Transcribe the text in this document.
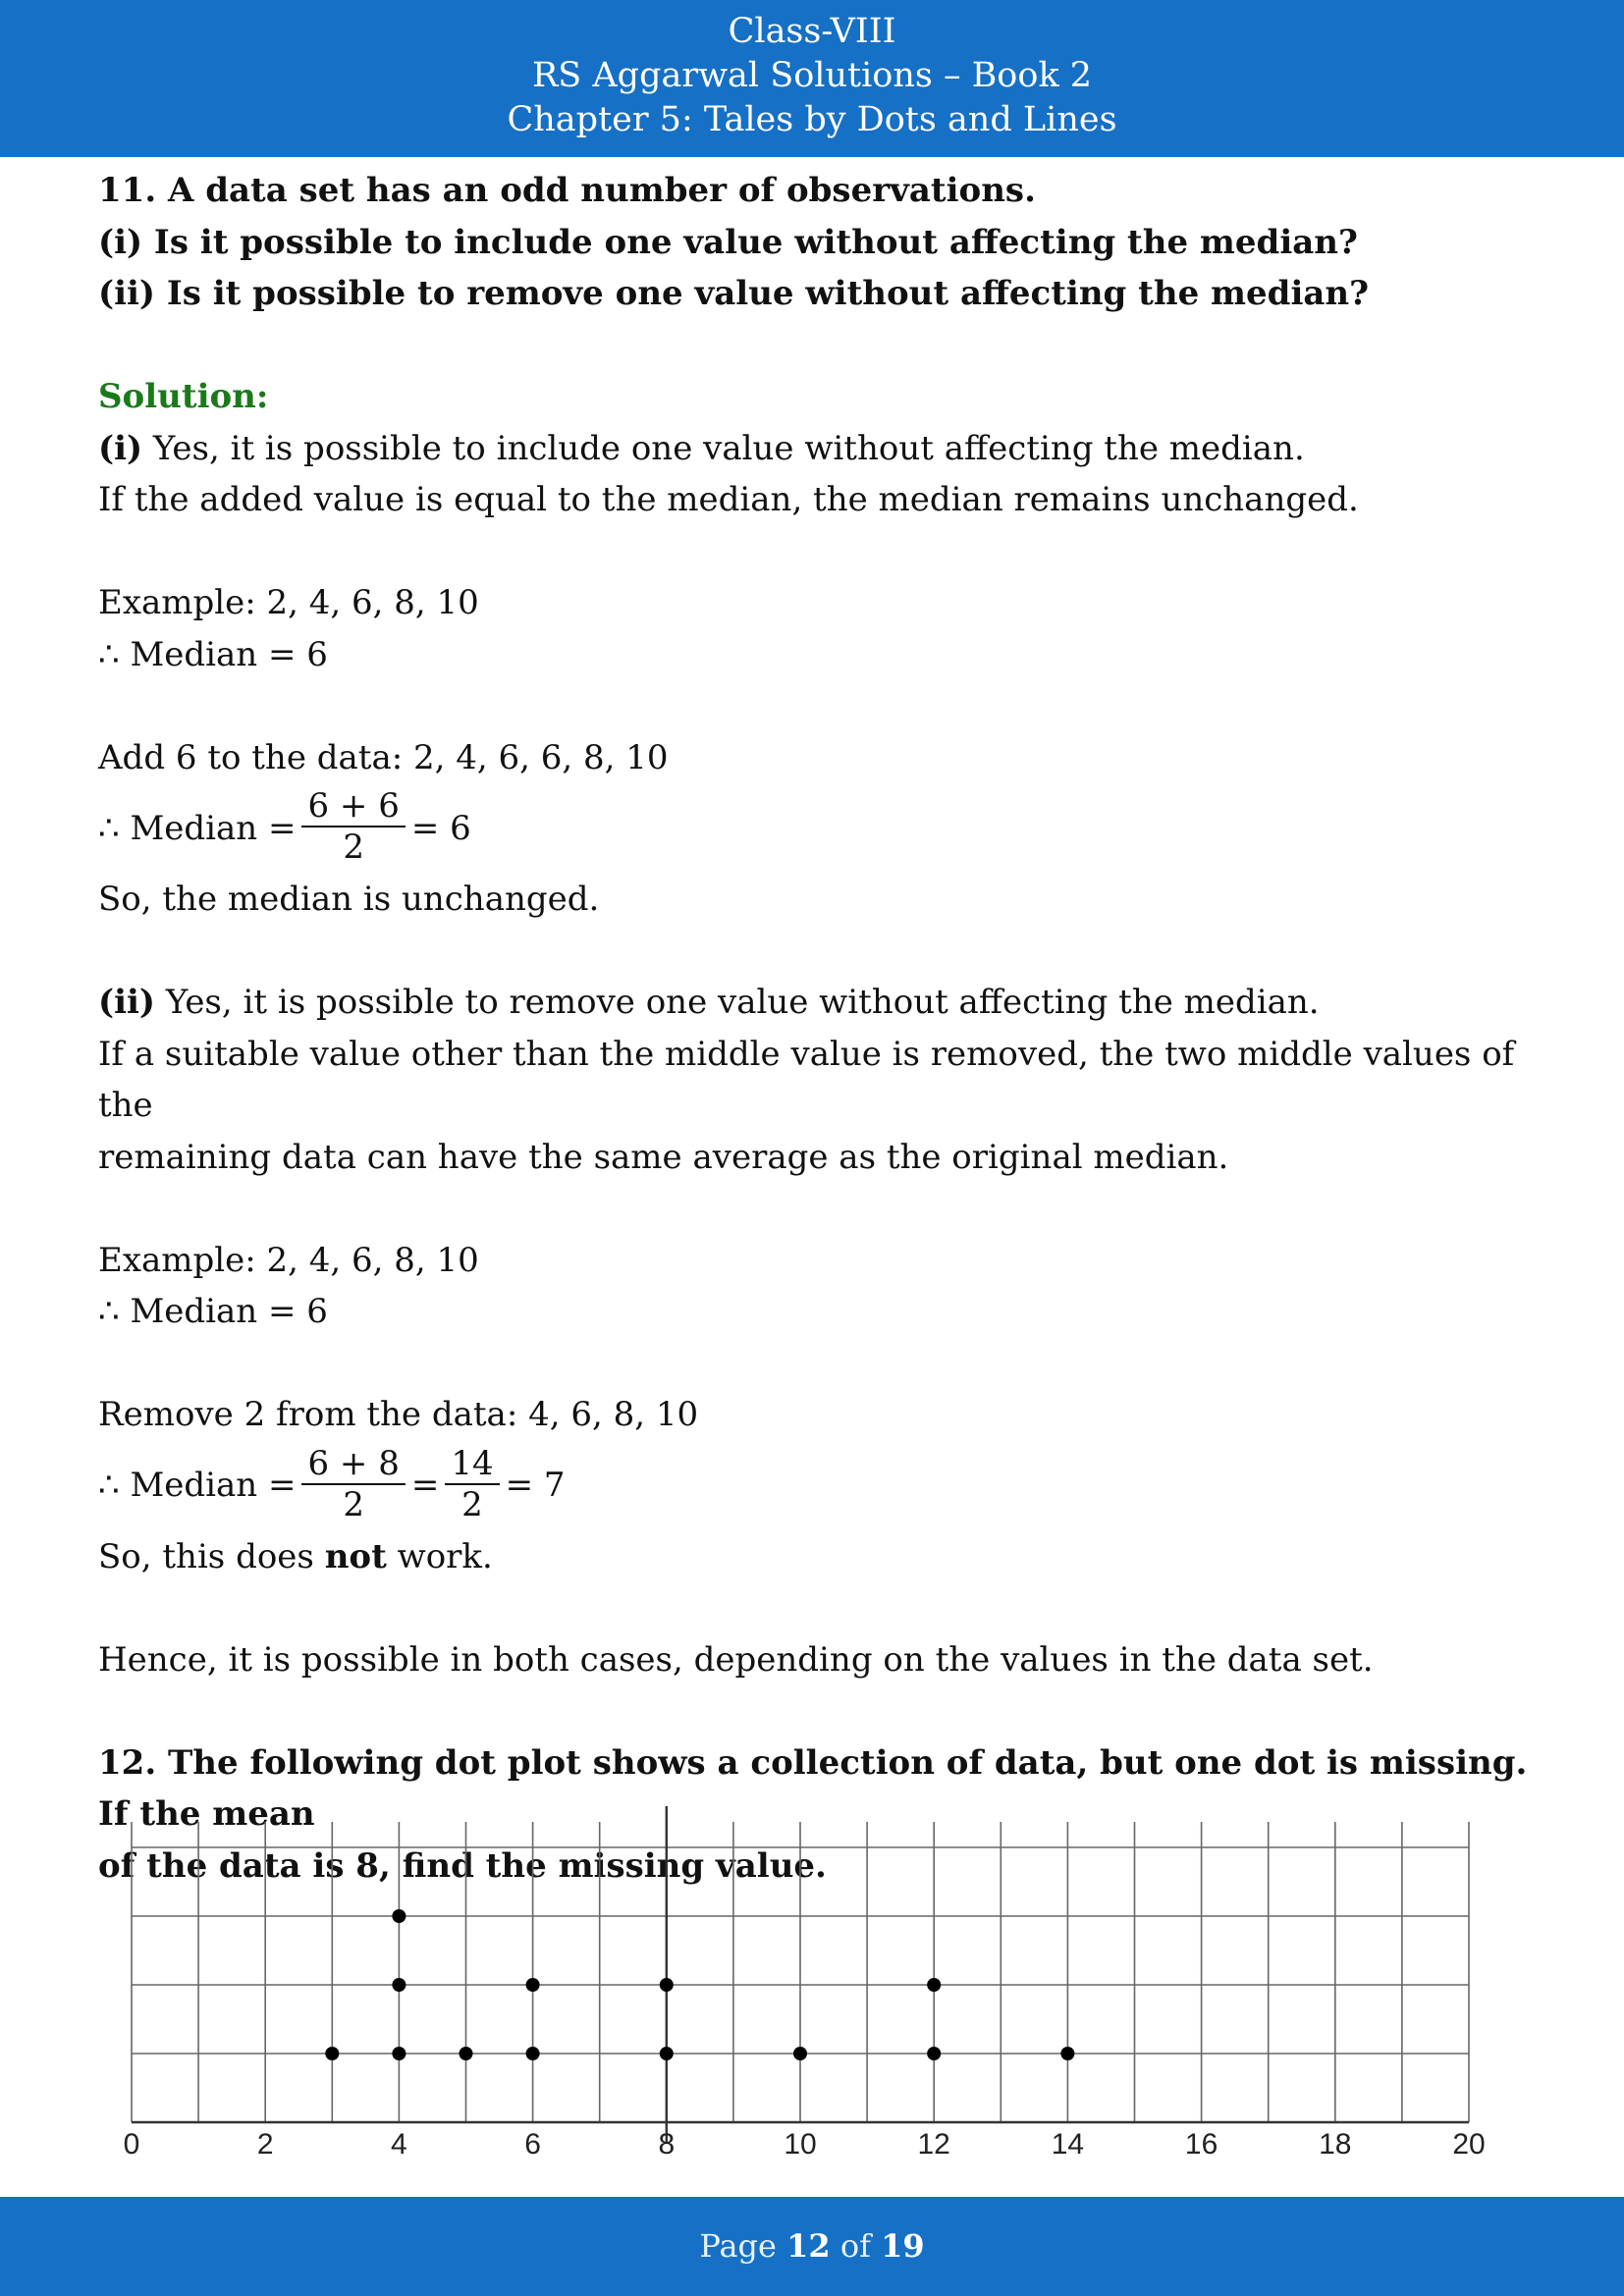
Class-VIII
RS Aggarwal Solutions – Book 2
Chapter 5: Tales by Dots and Lines

11. A data set has an odd number of observations.

(i) Is it possible to include one value without affecting the median?

(ii) Is it possible to remove one value without affecting the median?

Solution:

(i) Yes, it is possible to include one value without affecting the median.

If the added value is equal to the median, the median remains unchanged.

Example: 2, 4, 6, 8, 10

∴ Median = 6

Add 6 to the data: 2, 4, 6, 6, 8, 10

∴ Median = $\frac{6 + 6}{2} = 6$

So, the median is unchanged.

(ii) Yes, it is possible to remove one value without affecting the median.

If a suitable value other than the middle value is removed, the two middle values of the

remaining data can have the same average as the original median.

Example: 2, 4, 6, 8, 10

∴ Median = 6

Remove 2 from the data: 4, 6, 8, 10

∴ Median = $\frac{6 + 8}{2} = \frac{14}{2} = 7$

So, this does not work.

Hence, it is possible in both cases, depending on the values in the data set.

12. The following dot plot shows a collection of data, but one dot is missing. If the mean

of the data is 8, find the missing value.

0	2	4	6	8	10	12	14	16	18	20
Page 12 of 19
